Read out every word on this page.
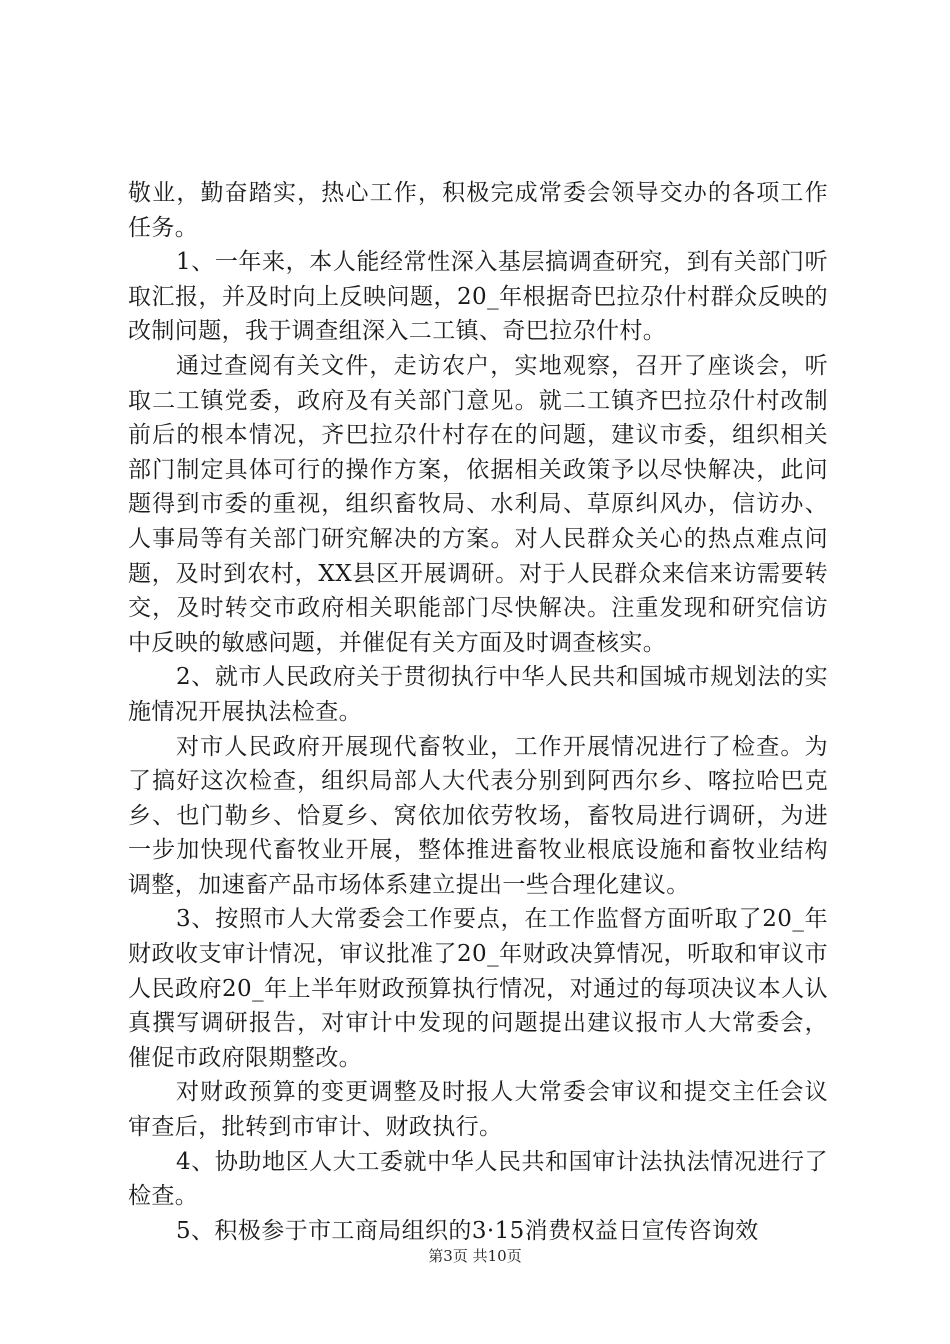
敬业，勤奋踏实，热心工作，积极完成常委会领导交办的各项工作任务。

1、一年来，本人能经常性深入基层搞调查研究，到有关部门听取汇报，并及时向上反映问题，20_年根据奇巴拉尕什村群众反映的改制问题，我于调查组深入二工镇、奇巴拉尕什村。

通过查阅有关文件，走访农户，实地观察，召开了座谈会，听取二工镇党委，政府及有关部门意见。就二工镇齐巴拉尕什村改制前后的根本情况，齐巴拉尕什村存在的问题，建议市委，组织相关部门制定具体可行的操作方案，依据相关政策予以尽快解决，此问题得到市委的重视，组织畜牧局、水利局、草原纠风办，信访办、人事局等有关部门研究解决的方案。对人民群众关心的热点难点问题，及时到农村，XX县区开展调研。对于人民群众来信来访需要转交，及时转交市政府相关职能部门尽快解决。注重发现和研究信访中反映的敏感问题，并催促有关方面及时调查核实。

2、就市人民政府关于贯彻执行中华人民共和国城市规划法的实施情况开展执法检查。

对市人民政府开展现代畜牧业，工作开展情况进行了检查。为了搞好这次检查，组织局部人大代表分别到阿西尔乡、喀拉哈巴克乡、也门勒乡、恰夏乡、窝依加依劳牧场，畜牧局进行调研，为进一步加快现代畜牧业开展，整体推进畜牧业根底设施和畜牧业结构调整，加速畜产品市场体系建立提出一些合理化建议。

3、按照市人大常委会工作要点，在工作监督方面听取了20_年财政收支审计情况，审议批准了20_年财政决算情况，听取和审议市人民政府20_年上半年财政预算执行情况，对通过的每项决议本人认真撰写调研报告，对审计中发现的问题提出建议报市人大常委会，催促市政府限期整改。

对财政预算的变更调整及时报人大常委会审议和提交主任会议审查后，批转到市审计、财政执行。

4、协助地区人大工委就中华人民共和国审计法执法情况进行了检查。

5、积极参于市工商局组织的3·15消费权益日宣传咨询效

第3页 共10页
